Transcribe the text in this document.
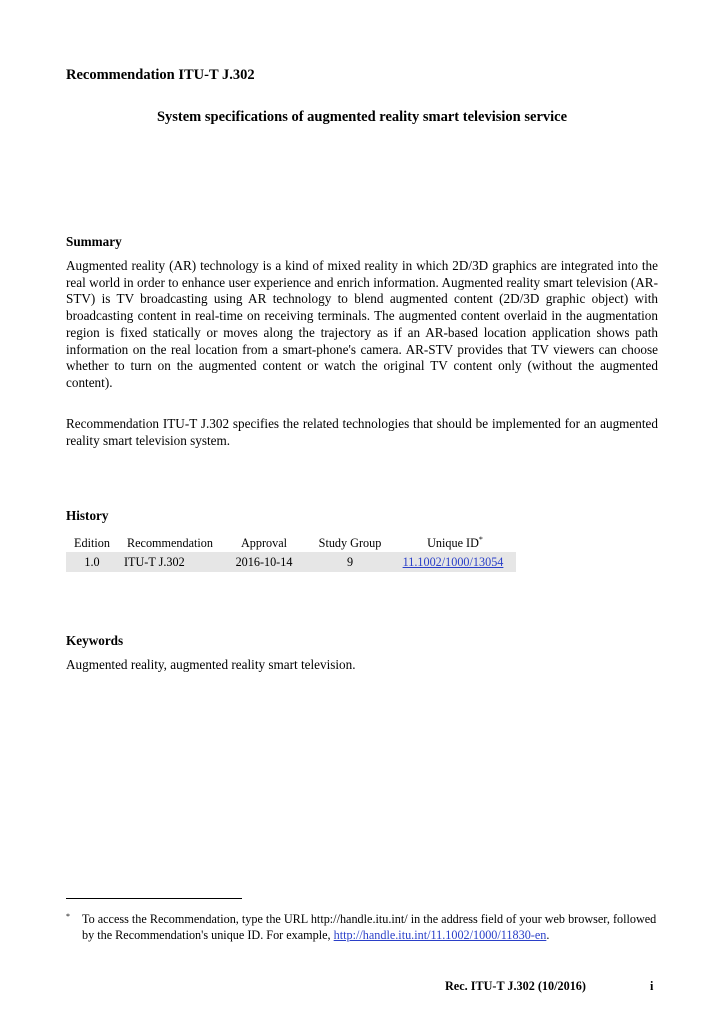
Recommendation ITU-T J.302
System specifications of augmented reality smart television service
Summary
Augmented reality (AR) technology is a kind of mixed reality in which 2D/3D graphics are integrated into the real world in order to enhance user experience and enrich information. Augmented reality smart television (AR-STV) is TV broadcasting using AR technology to blend augmented content (2D/3D graphic object) with broadcasting content in real-time on receiving terminals. The augmented content overlaid in the augmentation region is fixed statically or moves along the trajectory as if an AR-based location application shows path information on the real location from a smart-phone's camera. AR-STV provides that TV viewers can choose whether to turn on the augmented content or watch the original TV content only (without the augmented content).
Recommendation ITU-T J.302 specifies the related technologies that should be implemented for an augmented reality smart television system.
History
Edition	Recommendation	Approval	Study Group	Unique ID*
1.0	ITU-T J.302	2016-10-14	9	11.1002/1000/13054
Keywords
Augmented reality, augmented reality smart television.
* To access the Recommendation, type the URL http://handle.itu.int/ in the address field of your web browser, followed by the Recommendation's unique ID. For example, http://handle.itu.int/11.1002/1000/11830-en.
Rec. ITU-T J.302 (10/2016)	i
